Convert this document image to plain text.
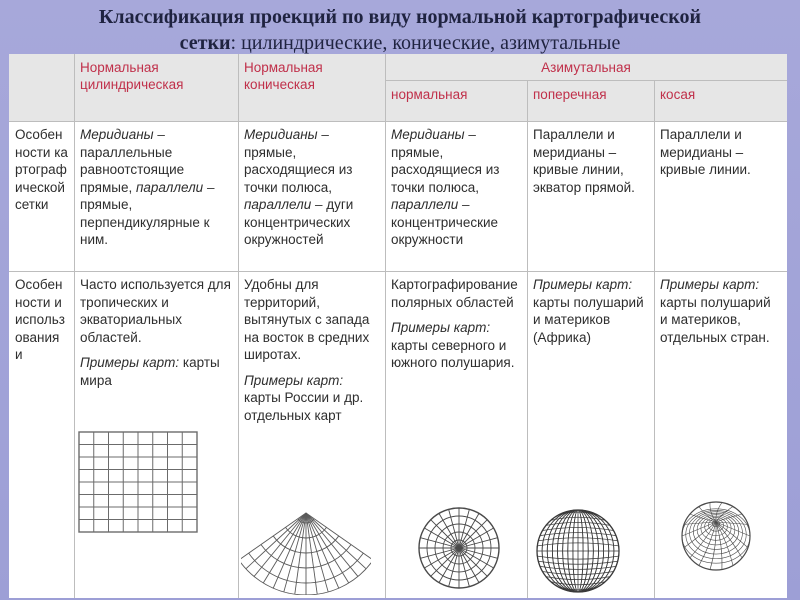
Классификация проекций по виду нормальной картографической
сетки: цилиндрические, конические, азимутальные
Нормальная цилиндрическая
Нормальная коническая
Азимутальная
нормальная	поперечная	косая
Особенности картографической сетки
Меридианы – параллельные равноотстоящие прямые, параллели – прямые, перпендикулярные к ним.
Меридианы – прямые, расходящиеся из точки полюса, параллели – дуги концентрических окружностей
Меридианы – прямые, расходящиеся из точки полюса, параллели – концентрические окружности
Параллели и меридианы – кривые линии, экватор прямой.
Параллели и меридианы – кривые линии.
Особенности и использования и
Часто используется для тропических и экваториальных областей.
Примеры карт: карты мира
Удобны для территорий, вытянутых с запада на восток в средних широтах.
Примеры карт: карты России и др. отдельных карт
Картографирование полярных областей
Примеры карт: карты северного и южного полушария.
Примеры карт: карты полушарий и материков (Африка)
Примеры карт: карты полушарий и материков, отдельных стран.
